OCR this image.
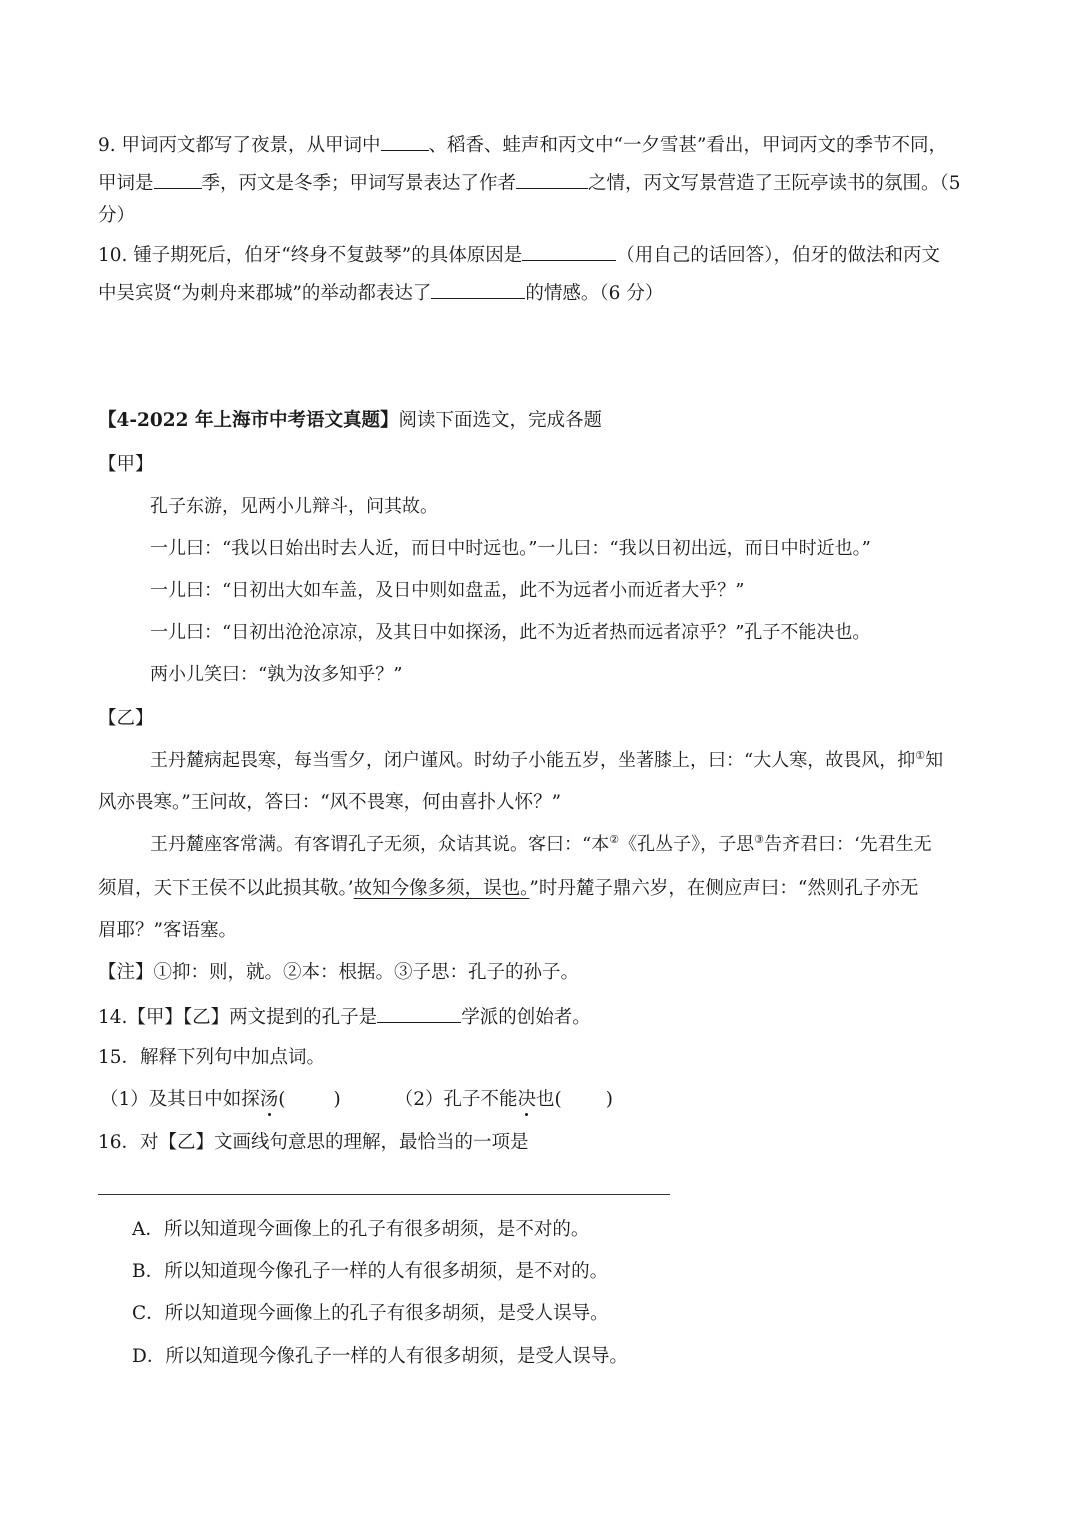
9. 甲词丙文都写了夜景，从甲词中	、稻香、蛙声和丙文中“一夕雪甚”看出，甲词丙文的季节不同，
甲词是	季，丙文是冬季；甲词写景表达了作者	之情，丙文写景营造了王阮亭读书的氛围。（5
分）
10. 锺子期死后，伯牙“终身不复鼓琴”的具体原因是	（用自己的话回答），伯牙的做法和丙文
中吴宾贤“为刺舟来郡城”的举动都表达了	的情感。（6 分）
【4-2022 年上海市中考语文真题】阅读下面选文，完成各题
【甲】
孔子东游，见两小儿辩斗，问其故。
一儿曰：“我以日始出时去人近，而日中时远也。”一儿曰：“我以日初出远，而日中时近也。”
一儿曰：“日初出大如车盖，及日中则如盘盂，此不为远者小而近者大乎？”
一儿曰：“日初出沧沧凉凉，及其日中如探汤，此不为近者热而远者凉乎？”孔子不能决也。
两小儿笑曰：“孰为汝多知乎？”
【乙】
王丹麓病起畏寒，每当雪夕，闭户谨风。时幼子小能五岁，坐著膝上，曰：“大人寒，故畏风，抑①知
风亦畏寒。”王问故，答曰：“风不畏寒，何由喜扑人怀？”
王丹麓座客常满。有客谓孔子无须，众诘其说。客曰：“本②《孔丛子》，子思③告齐君曰：‘先君生无
须眉，天下王侯不以此损其敬。’故知今像多须，误也。”时丹麓子鼎六岁，在侧应声曰：“然则孔子亦无
眉耶？”客语塞。
【注】①抑：则，就。②本：根据。③子思：孔子的孙子。
14.【甲】【乙】两文提到的孔子是	学派的创始者。
15．解释下列句中加点词。
（1）及其日中如探汤(	)	（2）孔子不能决也( )
16．对【乙】文画线句意思的理解，最恰当的一项是
A．所以知道现今画像上的孔子有很多胡须，是不对的。
B．所以知道现今像孔子一样的人有很多胡须，是不对的。
C．所以知道现今画像上的孔子有很多胡须，是受人误导。
D．所以知道现今像孔子一样的人有很多胡须，是受人误导。
